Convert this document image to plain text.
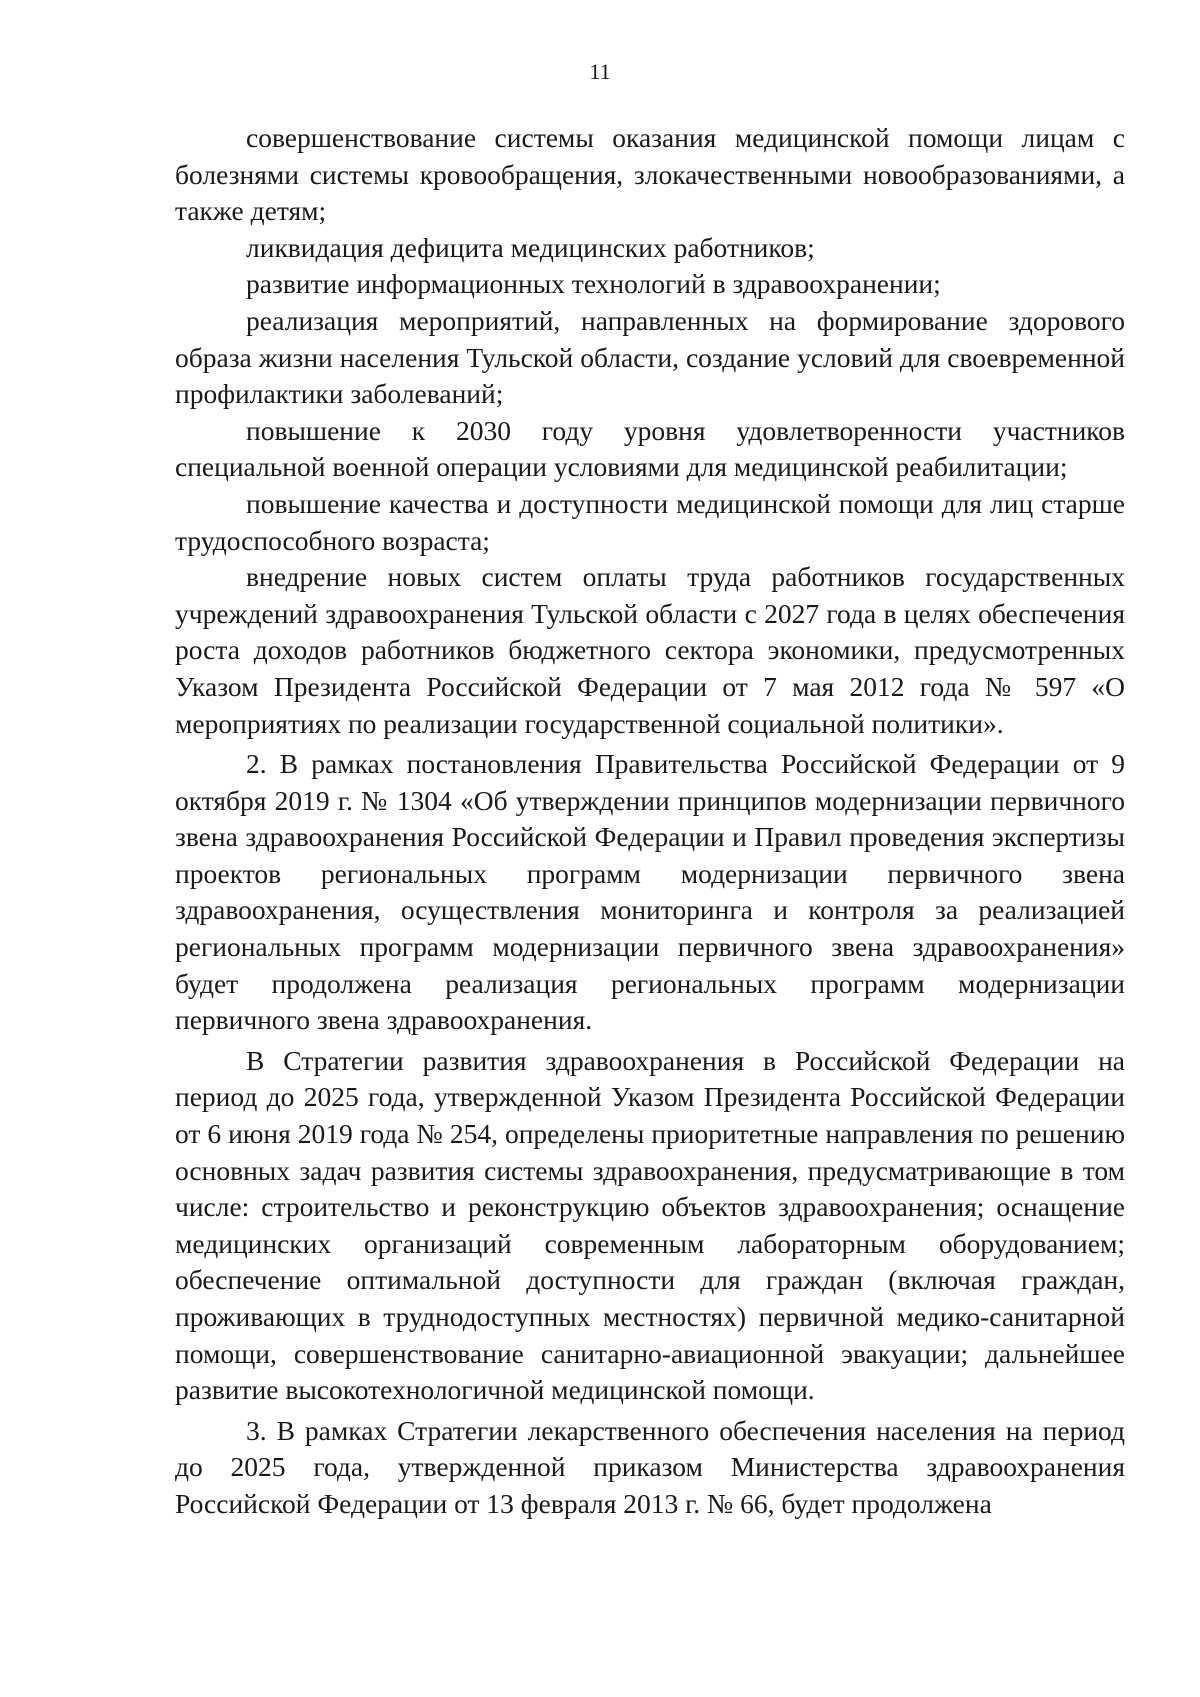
11

совершенствование системы оказания медицинской помощи лицам с болезнями системы кровообращения, злокачественными новообразованиями, а также детям;

ликвидация дефицита медицинских работников;

развитие информационных технологий в здравоохранении;

реализация мероприятий, направленных на формирование здорового образа жизни населения Тульской области, создание условий для своевременной профилактики заболеваний;

повышение к 2030 году уровня удовлетворенности участников специальной военной операции условиями для медицинской реабилитации;

повышение качества и доступности медицинской помощи для лиц старше трудоспособного возраста;

внедрение новых систем оплаты труда работников государственных учреждений здравоохранения Тульской области с 2027 года в целях обеспечения роста доходов работников бюджетного сектора экономики, предусмотренных Указом Президента Российской Федерации от 7 мая 2012 года № 597 «О мероприятиях по реализации государственной социальной политики».

2. В рамках постановления Правительства Российской Федерации от 9 октября 2019 г. № 1304 «Об утверждении принципов модернизации первичного звена здравоохранения Российской Федерации и Правил проведения экспертизы проектов региональных программ модернизации первичного звена здравоохранения, осуществления мониторинга и контроля за реализацией региональных программ модернизации первичного звена здравоохранения» будет продолжена реализация региональных программ модернизации первичного звена здравоохранения.

В Стратегии развития здравоохранения в Российской Федерации на период до 2025 года, утвержденной Указом Президента Российской Федерации от 6 июня 2019 года № 254, определены приоритетные направления по решению основных задач развития системы здравоохранения, предусматривающие в том числе: строительство и реконструкцию объектов здравоохранения; оснащение медицинских организаций современным лабораторным оборудованием; обеспечение оптимальной доступности для граждан (включая граждан, проживающих в труднодоступных местностях) первичной медико-санитарной помощи, совершенствование санитарно-авиационной эвакуации; дальнейшее развитие высокотехнологичной медицинской помощи.

3. В рамках Стратегии лекарственного обеспечения населения на период до 2025 года, утвержденной приказом Министерства здравоохранения Российской Федерации от 13 февраля 2013 г. № 66, будет продолжена
